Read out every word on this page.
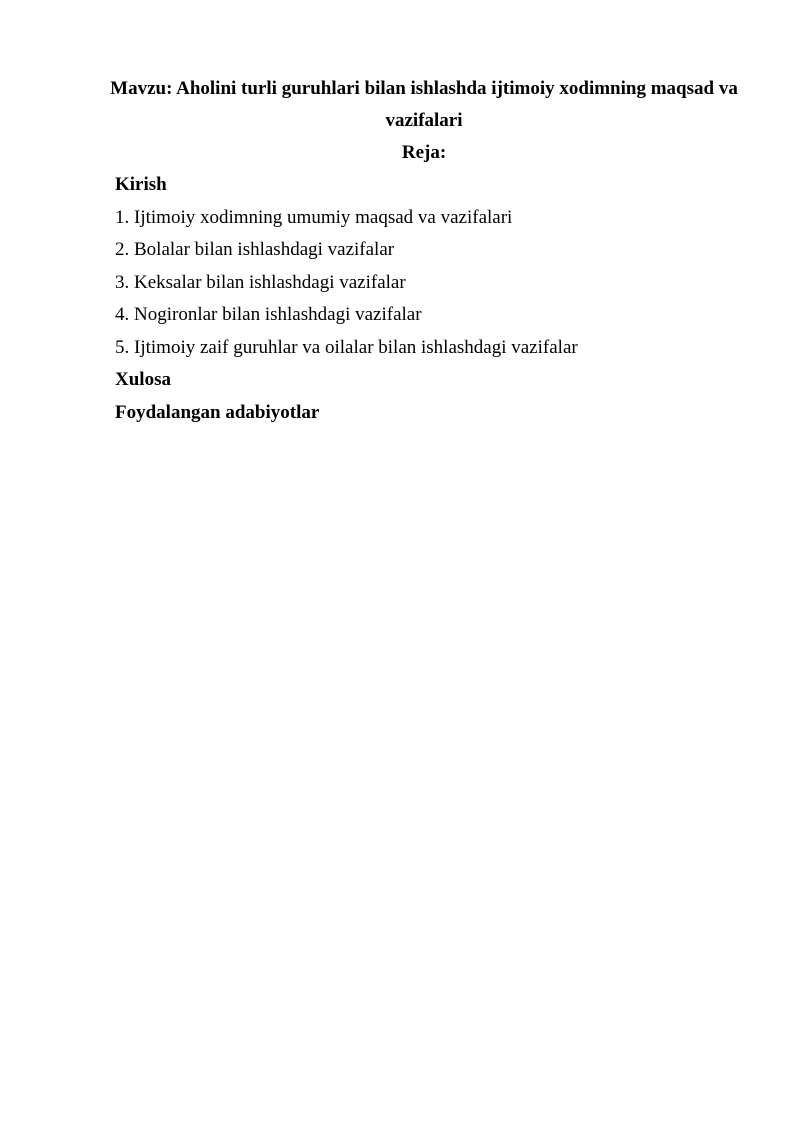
Mavzu: Aholini turli guruhlari bilan ishlashda ijtimoiy xodimning maqsad va vazifalari
Reja:
Kirish
1. Ijtimoiy xodimning umumiy maqsad va vazifalari
2. Bolalar bilan ishlashdagi vazifalar
3. Keksalar bilan ishlashdagi vazifalar
4. Nogironlar bilan ishlashdagi vazifalar
5. Ijtimoiy zaif guruhlar va oilalar bilan ishlashdagi vazifalar
Xulosa
Foydalangan adabiyotlar
